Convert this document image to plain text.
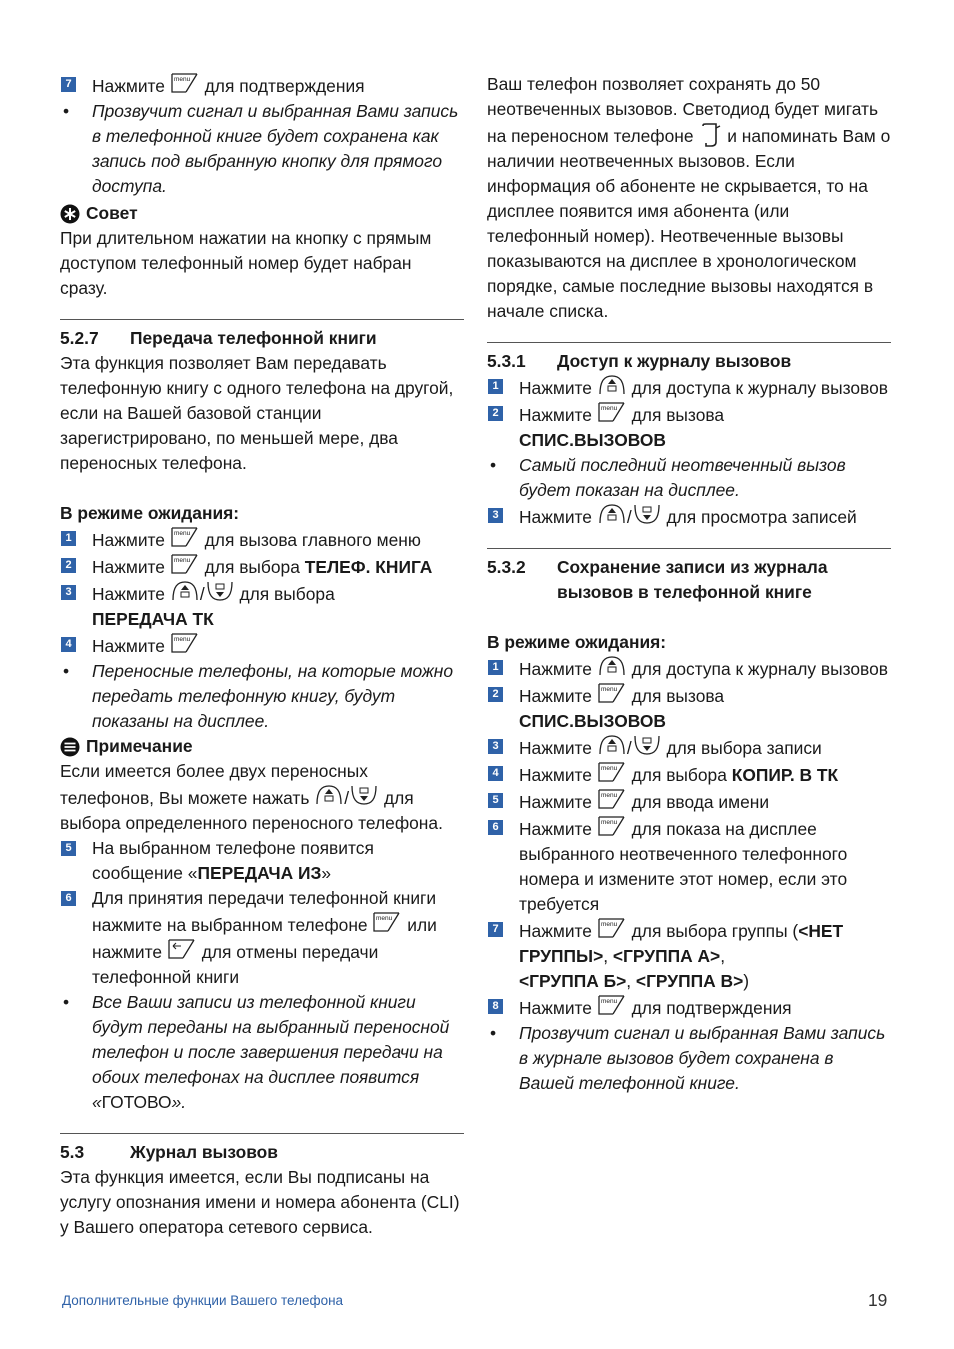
7 Нажмите  для подтверждения
• Прозвучит сигнал и выбранная Вами запись в телефонной книге будет сохранена как запись под выбранную кнопку для прямого доступа.
Совет

При длительном нажатии на кнопку с прямым доступом телефонный номер будет набран сразу.

5.2.7	Передача телефонной книги

Эта функция позволяет Вам передавать телефонную книгу с одного телефона на другой, если на Вашей базовой станции зарегистрировано, по меньшей мере, два переносных телефона.

В режиме ожидания:
1 Нажмите  для вызова главного меню
2 Нажмите  для выбора ТЕЛЕФ. КНИГА
3 Нажмите / для выбора
ПЕРЕДАЧА ТК
4 Нажмите
• Переносные телефоны, на которые можно передать телефонную книгу, будут показаны на дисплее.
Примечание

Если имеется более двух переносных телефонов, Вы можете нажать / для выбора определенного переносного телефона.

5 На выбранном телефоне появится сообщение «ПЕРЕДАЧА ИЗ»
6 Для принятия передачи телефонной книги нажмите на выбранном телефоне  или нажмите  для отмены передачи телефонной книги
• Все Ваши записи из телефонной книги будут переданы на выбранный переносной телефон и после завершения передачи на обоих телефонах на дисплее появится «ГОТОВО».
5.3	Журнал вызовов

Эта функция имеется, если Вы подписаны на услугу опознания имени и номера абонента (CLI) у Вашего оператора сетевого сервиса.

Ваш телефон позволяет сохранять до 50 неотвеченных вызовов. Светодиод будет мигать на переносном телефоне  и напоминать Вам о наличии неотвеченных вызовов. Если информация об абоненте не скрывается, то на дисплее появится имя абонента (или телефонный номер). Неотвеченные вызовы показываются на дисплее в хронологическом порядке, самые последние вызовы находятся в начале списка.

5.3.1	Доступ к журналу вызовов
1 Нажмите  для доступа к журналу вызовов
2 Нажмите  для вызова
СПИС.ВЫЗОВОВ
• Самый последний неотвеченный вызов будет показан на дисплее.
3 Нажмите / для просмотра записей
5.3.2	Сохранение записи из журнала вызовов в телефонной книге
В режиме ожидания:
1 Нажмите  для доступа к журналу вызовов
2 Нажмите  для вызова
СПИС.ВЫЗОВОВ
3 Нажмите / для выбора записи
4 Нажмите  для выбора КОПИР. В ТК
5 Нажмите  для ввода имени
6 Нажмите  для показа на дисплее выбранного неотвеченного телефонного номера и измените этот номер, если это требуется
7 Нажмите  для выбора группы (<НЕТ ГРУППЫ>, <ГРУППА А>,
<ГРУППА Б>, <ГРУППА В>)
8 Нажмите  для подтверждения
• Прозвучит сигнал и выбранная Вами запись в журнале вызовов будет сохранена в Вашей телефонной книге.
Дополнительные функции Вашего телефона	19
